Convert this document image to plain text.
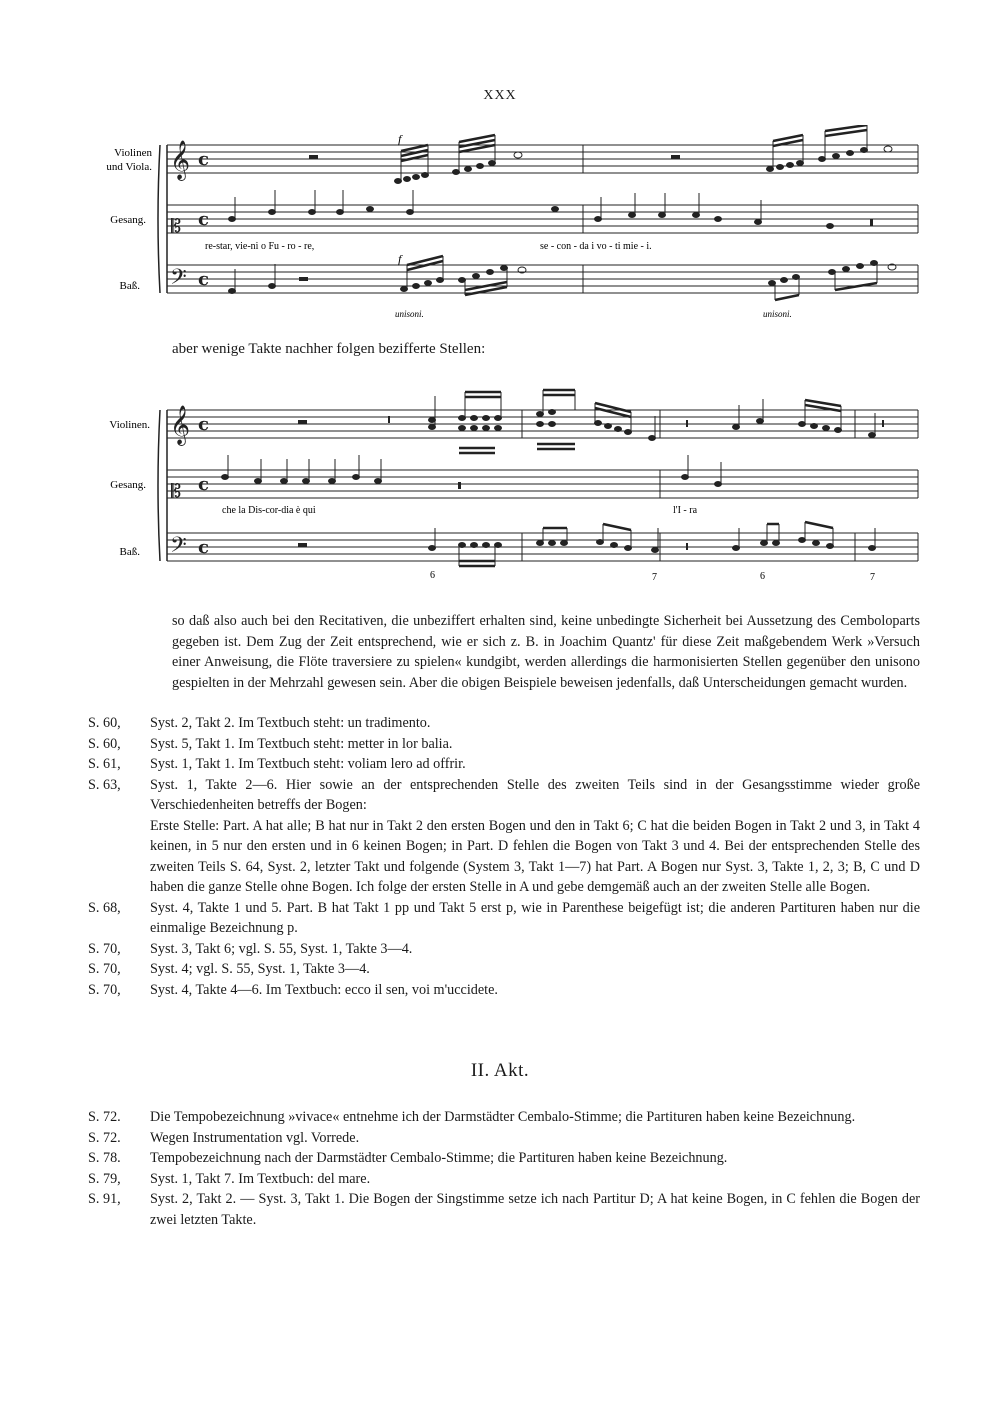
XXX
𝄞
𝄡
𝄢
c
c
c
Violinen
und Viola.
Gesang.
Baß.
f
f
re-star, vie-ni o Fu - ro - re,	se - con - da i vo - ti mie - i.
unisoni.	unisoni.
aber wenige Takte nachher folgen bezifferte Stellen:
𝄞
𝄡
𝄢
c
c
c
Violinen.
Gesang.
Baß.
che la Dis-cor-dia è qui	l'I - ra
6	7	6	7
so daß also auch bei den Recitativen, die unbeziffert erhalten sind, keine unbedingte Sicherheit bei Aussetzung des Cemboloparts gegeben ist. Dem Zug der Zeit entsprechend, wie er sich z. B. in Joachim Quantz' für diese Zeit maßgebendem Werk »Versuch einer Anweisung, die Flöte traversiere zu spielen« kundgibt, werden allerdings die harmonisierten Stellen gegenüber den unisono gespielten in der Mehrzahl gewesen sein. Aber die obigen Beispiele beweisen jedenfalls, daß Unterscheidungen gemacht wurden.
S. 60,	Syst. 2, Takt 2. Im Textbuch steht: un tradimento.
S. 60,	Syst. 5, Takt 1. Im Textbuch steht: metter in lor balia.
S. 61,	Syst. 1, Takt 1. Im Textbuch steht: voliam lero ad offrir.
S. 63,	Syst. 1, Takte 2—6. Hier sowie an der entsprechenden Stelle des zweiten Teils sind in der Gesangsstimme wieder große Verschiedenheiten betreffs der Bogen:
Erste Stelle: Part. A hat alle; B hat nur in Takt 2 den ersten Bogen und den in Takt 6; C hat die beiden Bogen in Takt 2 und 3, in Takt 4 keinen, in 5 nur den ersten und in 6 keinen Bogen; in Part. D fehlen die Bogen von Takt 3 und 4. Bei der entsprechenden Stelle des zweiten Teils S. 64, Syst. 2, letzter Takt und folgende (System 3, Takt 1—7) hat Part. A Bogen nur Syst. 3, Takte 1, 2, 3; B, C und D haben die ganze Stelle ohne Bogen. Ich folge der ersten Stelle in A und gebe demgemäß auch an der zweiten Stelle alle Bogen.
S. 68,	Syst. 4, Takte 1 und 5. Part. B hat Takt 1 pp und Takt 5 erst p, wie in Parenthese beigefügt ist; die anderen Partituren haben nur die einmalige Bezeichnung p.
S. 70,	Syst. 3, Takt 6; vgl. S. 55, Syst. 1, Takte 3—4.
S. 70,	Syst. 4; vgl. S. 55, Syst. 1, Takte 3—4.
S. 70,	Syst. 4, Takte 4—6. Im Textbuch: ecco il sen, voi m'uccidete.
II. Akt.
S. 72.	Die Tempobezeichnung »vivace« entnehme ich der Darmstädter Cembalo-Stimme; die Partituren haben keine Bezeichnung.
S. 72.	Wegen Instrumentation vgl. Vorrede.
S. 78.	Tempobezeichnung nach der Darmstädter Cembalo-Stimme; die Partituren haben keine Bezeichnung.
S. 79,	Syst. 1, Takt 7. Im Textbuch: del mare.
S. 91,	Syst. 2, Takt 2. — Syst. 3, Takt 1. Die Bogen der Singstimme setze ich nach Partitur D; A hat keine Bogen, in C fehlen die Bogen der zwei letzten Takte.
